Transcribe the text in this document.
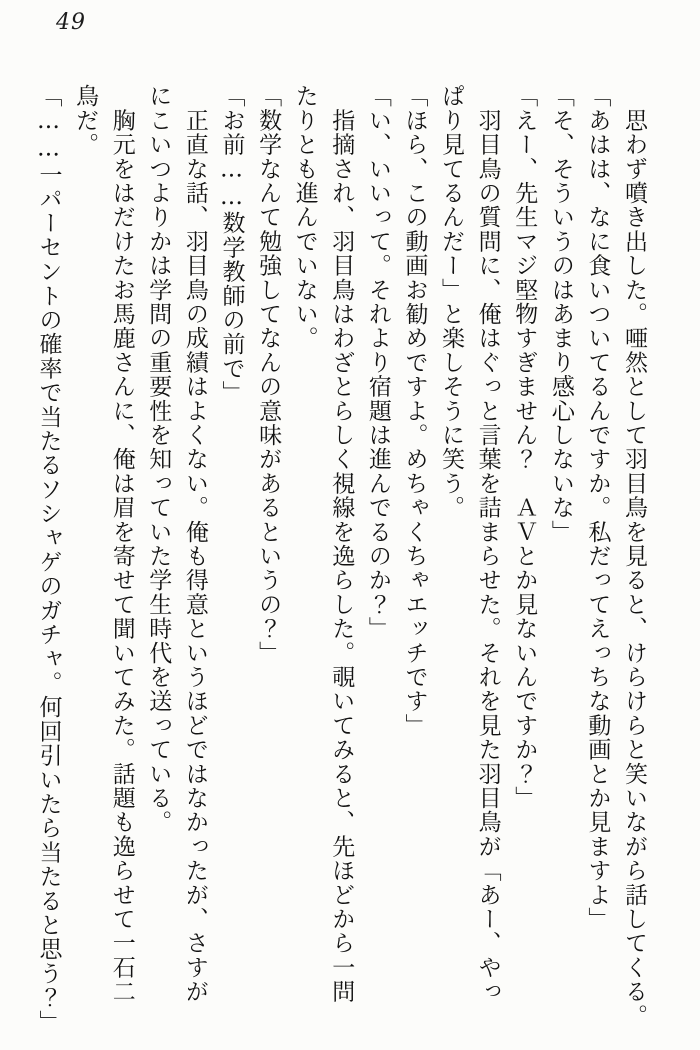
49

　思わず噴き出した。唖然として羽目鳥を見ると、けらけらと笑いながら話してくる。

「あはは、なに食いついてるんですか。私だってえっちな動画とか見ますよ」

「そ、そういうのはあまり感心しないな」

「えー、先生マジ堅物すぎません？　ＡＶとか見ないんですか？」

　羽目鳥の質問に、俺はぐっと言葉を詰まらせた。それを見た羽目鳥が「あー、やっ

ぱり見てるんだー」と楽しそうに笑う。

「ほら、この動画お勧めですよ。めちゃくちゃエッチです」

「い、いいって。それより宿題は進んでるのか？」

　指摘され、羽目鳥はわざとらしく視線を逸らした。覗いてみると、先ほどから一問

たりとも進んでいない。

「数学なんて勉強してなんの意味があるというの？」

「お前……数学教師の前で」

　正直な話、羽目鳥の成績はよくない。俺も得意というほどではなかったが、さすが

にこいつよりかは学問の重要性を知っていた学生時代を送っている。

　胸元をはだけたお馬鹿さんに、俺は眉を寄せて聞いてみた。話題も逸らせて一石二

鳥だ。

「……一パーセントの確率で当たるソシャゲのガチャ。何回引いたら当たると思う？」
